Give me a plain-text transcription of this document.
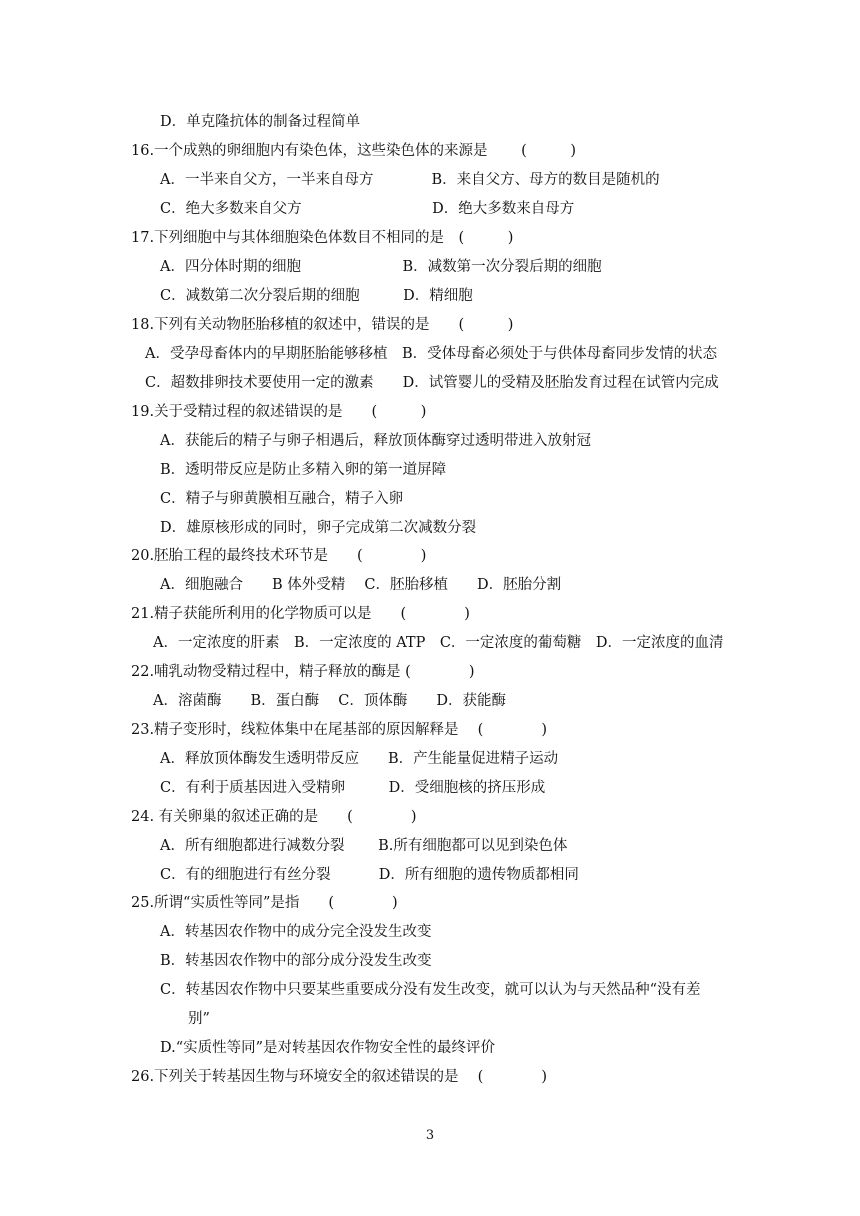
D．单克隆抗体的制备过程简单
16.一个成熟的卵细胞内有染色体，这些染色体的来源是　　 (　　　)
A．一半来自父方，一半来自母方　　　　B．来自父方、母方的数目是随机的
C．绝大多数来自父方　　　　　　　　　D．绝大多数来自母方
17.下列细胞中与其体细胞染色体数目不相同的是　(　　　)
A．四分体时期的细胞　　　　　　　B．减数第一次分裂后期的细胞
C．减数第二次分裂后期的细胞　　　D．精细胞
18.下列有关动物胚胎移植的叙述中，错误的是　　(　　　)
A．受孕母畜体内的早期胚胎能够移植　B．受体母畜必须处于与供体母畜同步发情的状态
C．超数排卵技术要使用一定的激素　　D．试管婴儿的受精及胚胎发育过程在试管内完成
19.关于受精过程的叙述错误的是　　(　　　)
A．获能后的精子与卵子相遇后，释放顶体酶穿过透明带进入放射冠
B．透明带反应是防止多精入卵的第一道屏障
C．精子与卵黄膜相互融合，精子入卵
D．雄原核形成的同时，卵子完成第二次减数分裂
20.胚胎工程的最终技术环节是　　(　　　　)
A．细胞融合　　B 体外受精　 C．胚胎移植　　D．胚胎分割
21.精子获能所利用的化学物质可以是　　(　　　　)
A．一定浓度的肝素　B．一定浓度的 ATP　C．一定浓度的葡萄糖　D．一定浓度的血清
22.哺乳动物受精过程中，精子释放的酶是 (　　　　)
A．溶菌酶　　B．蛋白酶　 C．顶体酶　　D．获能酶
23.精子变形时，线粒体集中在尾基部的原因解释是　 (　　　　)
A．释放顶体酶发生透明带反应　　B．产生能量促进精子运动
C．有利于质基因进入受精卵　　　D．受细胞核的挤压形成
24. 有关卵巢的叙述正确的是　　(　　　　)
A．所有细胞都进行减数分裂　　 B.所有细胞都可以见到染色体
C．有的细胞进行有丝分裂　　　 D．所有细胞的遗传物质都相同
25.所谓“实质性等同”是指　　(　　　　)
A．转基因农作物中的成分完全没发生改变
B．转基因农作物中的部分成分没发生改变
C．转基因农作物中只要某些重要成分没有发生改变，就可以认为与天然品种“没有差
别”
D.“实质性等同”是对转基因农作物安全性的最终评价
26.下列关于转基因生物与环境安全的叙述错误的是　 (　　　　)
3
